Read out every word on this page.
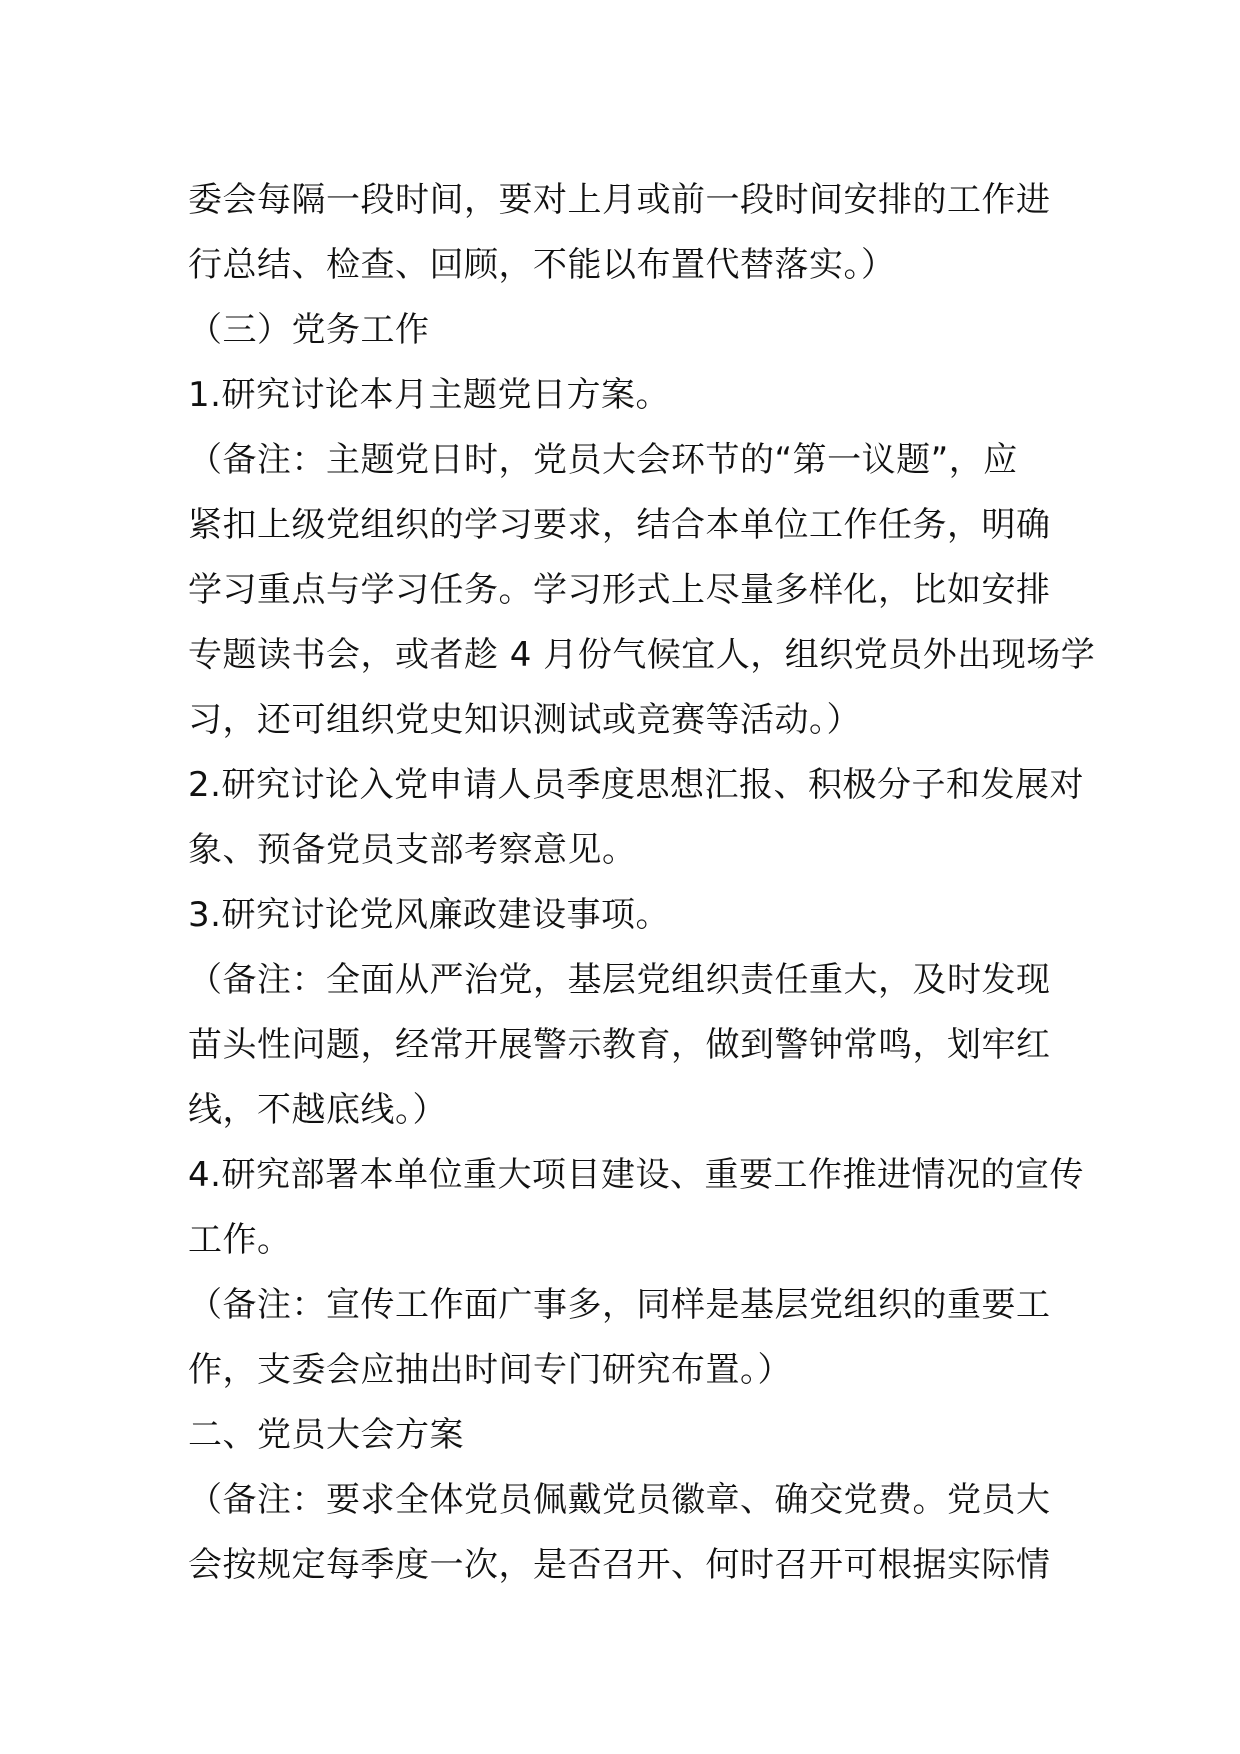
委会每隔一段时间，要对上月或前一段时间安排的工作进
行总结、检查、回顾，不能以布置代替落实。）
（三）党务工作
1.研究讨论本月主题党日方案。
（备注：主题党日时，党员大会环节的“第一议题”，应
紧扣上级党组织的学习要求，结合本单位工作任务，明确
学习重点与学习任务。学习形式上尽量多样化，比如安排
专题读书会，或者趁 4 月份气候宜人，组织党员外出现场学
习，还可组织党史知识测试或竞赛等活动。）
2.研究讨论入党申请人员季度思想汇报、积极分子和发展对
象、预备党员支部考察意见。
3.研究讨论党风廉政建设事项。
（备注：全面从严治党，基层党组织责任重大，及时发现
苗头性问题，经常开展警示教育，做到警钟常鸣，划牢红
线，不越底线。）
4.研究部署本单位重大项目建设、重要工作推进情况的宣传
工作。
（备注：宣传工作面广事多，同样是基层党组织的重要工
作，支委会应抽出时间专门研究布置。）
二、党员大会方案
（备注：要求全体党员佩戴党员徽章、确交党费。党员大
会按规定每季度一次，是否召开、何时召开可根据实际情
